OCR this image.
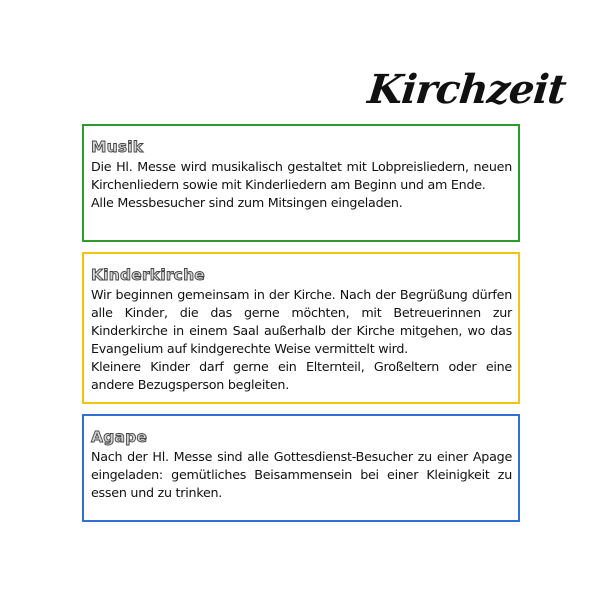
Kirchzeit
Musik

Die Hl. Messe wird musikalisch gestaltet mit Lobpreisliedern, neuen Kirchenliedern sowie mit Kinderliedern am Beginn und am Ende.

Alle Messbesucher sind zum Mitsingen eingeladen.

Kinderkirche

Wir beginnen gemeinsam in der Kirche. Nach der Begrüßung dürfen alle Kinder, die das gerne möchten, mit Betreuerinnen zur Kinderkirche in einem Saal außerhalb der Kirche mitgehen, wo das Evangelium auf kindgerechte Weise vermittelt wird.

Kleinere Kinder darf gerne ein Elternteil, Großeltern oder eine andere Bezugsperson begleiten.

Agape

Nach der Hl. Messe sind alle Gottesdienst-Besucher zu einer Apage eingeladen: gemütliches Beisammensein bei einer Kleinigkeit zu essen und zu trinken.
